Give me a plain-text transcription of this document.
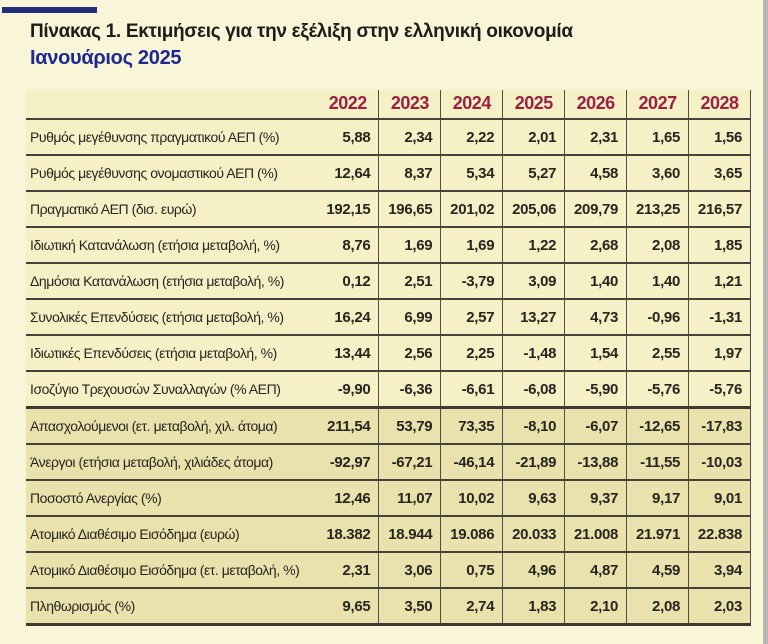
Πίνακας 1. Εκτιμήσεις για την εξέλιξη στην ελληνική οικονομία
Ιανουάριος 2025
	2022	2023	2024	2025	2026	2027	2028
Ρυθμός μεγέθυνσης πραγματικού ΑΕΠ (%)	5,88	2,34	2,22	2,01	2,31	1,65	1,56
Ρυθμός μεγέθυνσης ονομαστικού ΑΕΠ (%)	12,64	8,37	5,34	5,27	4,58	3,60	3,65
Πραγματικό ΑΕΠ (δισ. ευρώ)	192,15	196,65	201,02	205,06	209,79	213,25	216,57
Ιδιωτική Κατανάλωση (ετήσια μεταβολή, %)	8,76	1,69	1,69	1,22	2,68	2,08	1,85
Δημόσια Κατανάλωση (ετήσια μεταβολή, %)	0,12	2,51	-3,79	3,09	1,40	1,40	1,21
Συνολικές Επενδύσεις (ετήσια μεταβολή, %)	16,24	6,99	2,57	13,27	4,73	-0,96	-1,31
Ιδιωτικές Επενδύσεις (ετήσια μεταβολή, %)	13,44	2,56	2,25	-1,48	1,54	2,55	1,97
Ισοζύγιο Τρεχουσών Συναλλαγών (% ΑΕΠ)	-9,90	-6,36	-6,61	-6,08	-5,90	-5,76	-5,76
Απασχολούμενοι (ετ. μεταβολή, χιλ. άτομα)	211,54	53,79	73,35	-8,10	-6,07	-12,65	-17,83
Άνεργοι (ετήσια μεταβολή, χιλιάδες άτομα)	-92,97	-67,21	-46,14	-21,89	-13,88	-11,55	-10,03
Ποσοστό Ανεργίας (%)	12,46	11,07	10,02	9,63	9,37	9,17	9,01
Ατομικό Διαθέσιμο Εισόδημα (ευρώ)	18.382	18.944	19.086	20.033	21.008	21.971	22.838
Ατομικό Διαθέσιμο Εισόδημα (ετ. μεταβολή, %)	2,31	3,06	0,75	4,96	4,87	4,59	3,94
Πληθωρισμός (%)	9,65	3,50	2,74	1,83	2,10	2,08	2,03
